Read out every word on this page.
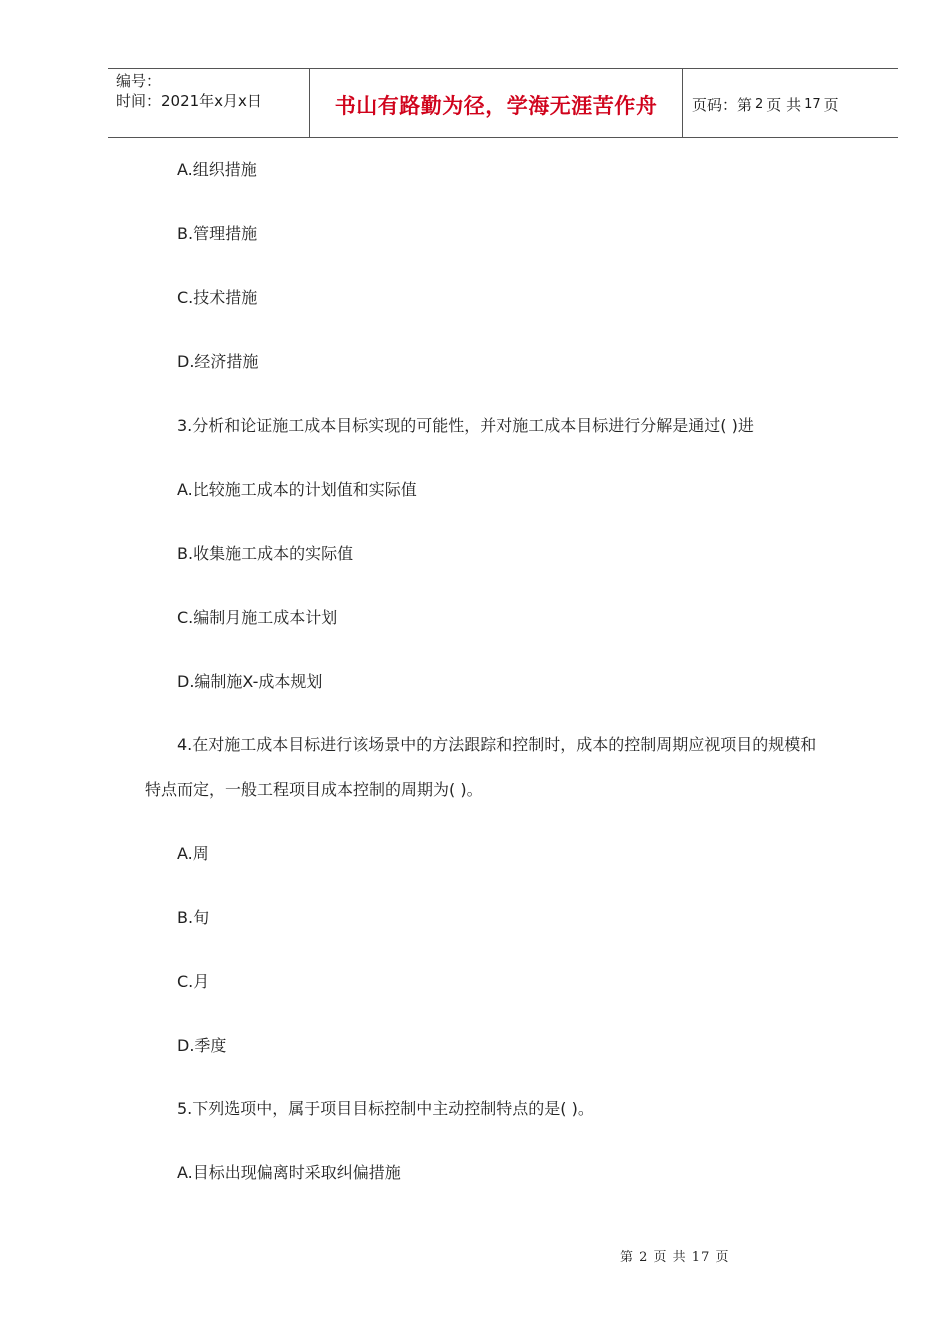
编号：
时间：2021年x月x日	书山有路勤为径，学海无涯苦作舟 页码：第 2 页 共 17 页
A.组织措施
B.管理措施
C.技术措施
D.经济措施
3.分析和论证施工成本目标实现的可能性，并对施工成本目标进行分解是通过( )进
A.比较施工成本的计划值和实际值
B.收集施工成本的实际值
C.编制月施工成本计划
D.编制施X-成本规划
4.在对施工成本目标进行该场景中的方法跟踪和控制时，成本的控制周期应视项目的规模和
特点而定，一般工程项目成本控制的周期为( )。
A.周
B.旬
C.月
D.季度
5.下列选项中，属于项目目标控制中主动控制特点的是( )。
A.目标出现偏离时采取纠偏措施
第 2 页 共 17 页
